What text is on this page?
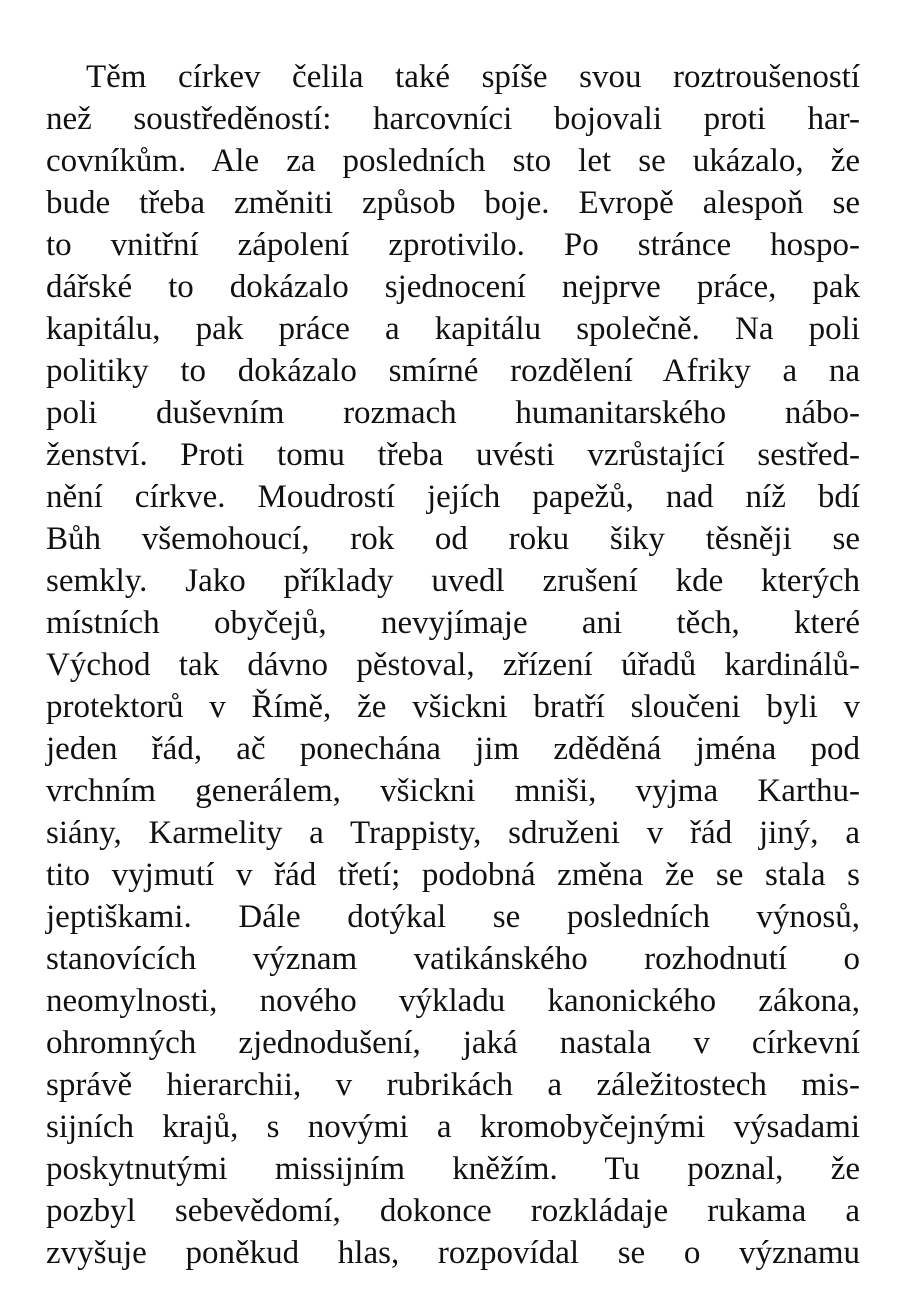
Těm církev čelila také spíše svou roztroušeností
než soustředěností: harcovníci bojovali proti har-
covníkům. Ale za posledních sto let se ukázalo, že
bude třeba změniti způsob boje. Evropě alespoň se
to vnitřní zápolení zprotivilo. Po stránce hospo-
dářské to dokázalo sjednocení nejprve práce, pak
kapitálu, pak práce a kapitálu společně. Na poli
politiky to dokázalo smírné rozdělení Afriky a na
poli duševním rozmach humanitarského nábo-
ženství. Proti tomu třeba uvésti vzrůstající sestřed-
nění církve. Moudrostí jejích papežů, nad níž bdí
Bůh všemohoucí, rok od roku šiky těsněji se
semkly. Jako příklady uvedl zrušení kde kterých
místních obyčejů, nevyjímaje ani těch, které
Východ tak dávno pěstoval, zřízení úřadů kardinálů-
protektorů v Římě, že všickni bratří sloučeni byli v
jeden řád, ač ponechána jim zděděná jména pod
vrchním generálem, všickni mniši, vyjma Karthu-
siány, Karmelity a Trappisty, sdruženi v řád jiný, a
tito vyjmutí v řád třetí; podobná změna že se stala s
jeptiškami. Dále dotýkal se posledních výnosů,
stanovících význam vatikánského rozhodnutí o
neomylnosti, nového výkladu kanonického zákona,
ohromných zjednodušení, jaká nastala v církevní
správě hierarchii, v rubrikách a záležitostech mis-
sijních krajů, s novými a kromobyčejnými výsadami
poskytnutými missijním kněžím. Tu poznal, že
pozbyl sebevědomí, dokonce rozkládaje rukama a
zvyšuje poněkud hlas, rozpovídal se o významu
